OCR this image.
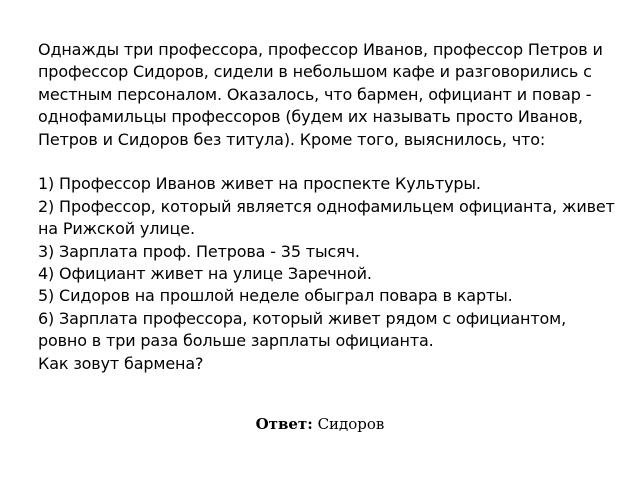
Однажды три профессора, профессор Иванов, профессор Петров и профессор Сидоров, сидели в небольшом кафе и разговорились с местным персоналом. Оказалось, что бармен, официант и повар - однофамильцы профессоров (будем их называть просто Иванов, Петров и Сидоров без титула). Кроме того, выяснилось, что:

1) Профессор Иванов живет на проспекте Культуры.
2) Профессор, который является однофамильцем официанта, живет на Рижской улице.
3) Зарплата проф. Петрова - 35 тысяч.
4) Официант живет на улице Заречной.
5) Сидоров на прошлой неделе обыграл повара в карты.
6) Зарплата профессора, который живет рядом с официантом, ровно в три раза больше зарплаты официанта.

Как зовут бармена?

Ответ: Сидоров
